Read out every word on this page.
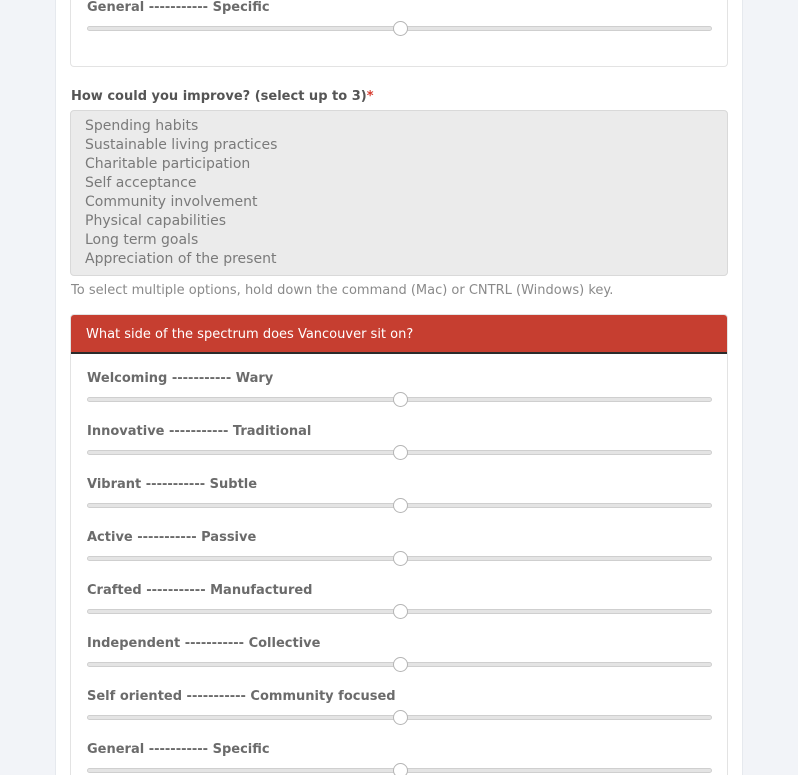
General ----------- Specific
How could you improve? (select up to 3)*
Spending habits
Sustainable living practices
Charitable participation
Self acceptance
Community involvement
Physical capabilities
Long term goals
Appreciation of the present
To select multiple options, hold down the command (Mac) or CNTRL (Windows) key.
What side of the spectrum does Vancouver sit on?
Welcoming ----------- Wary
Innovative ----------- Traditional
Vibrant ----------- Subtle
Active ----------- Passive
Crafted ----------- Manufactured
Independent ----------- Collective
Self oriented ----------- Community focused
General ----------- Specific
